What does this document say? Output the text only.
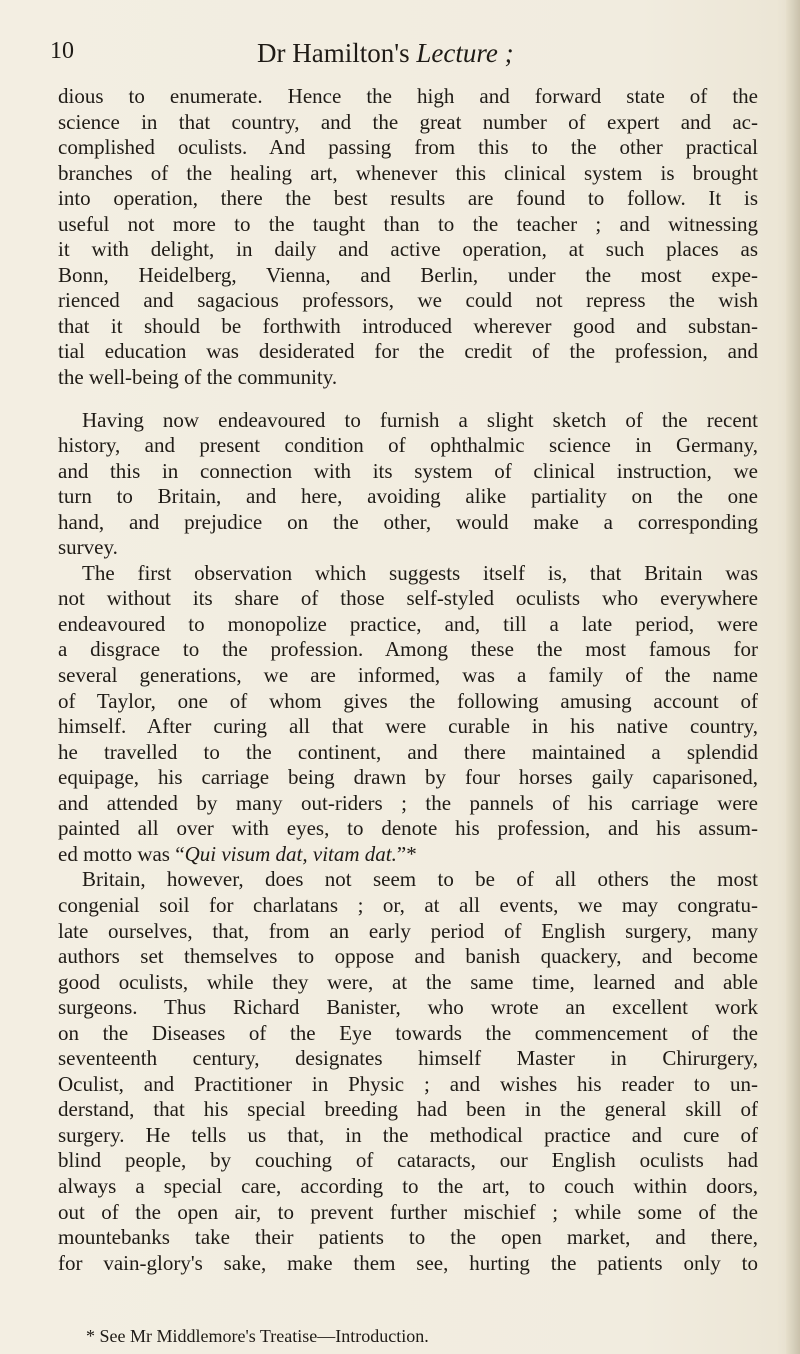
10	Dr Hamilton's Lecture ;
dious to enumerate. Hence the high and forward state of the
science in that country, and the great number of expert and ac-
complished oculists. And passing from this to the other practical
branches of the healing art, whenever this clinical system is brought
into operation, there the best results are found to follow. It is
useful not more to the taught than to the teacher ; and witnessing
it with delight, in daily and active operation, at such places as
Bonn, Heidelberg, Vienna, and Berlin, under the most expe-
rienced and sagacious professors, we could not repress the wish
that it should be forthwith introduced wherever good and substan-
tial education was desiderated for the credit of the profession, and
the well-being of the community.
Having now endeavoured to furnish a slight sketch of the recent
history, and present condition of ophthalmic science in Germany,
and this in connection with its system of clinical instruction, we
turn to Britain, and here, avoiding alike partiality on the one
hand, and prejudice on the other, would make a corresponding
survey.
The first observation which suggests itself is, that Britain was
not without its share of those self-styled oculists who everywhere
endeavoured to monopolize practice, and, till a late period, were
a disgrace to the profession. Among these the most famous for
several generations, we are informed, was a family of the name
of Taylor, one of whom gives the following amusing account of
himself. After curing all that were curable in his native country,
he travelled to the continent, and there maintained a splendid
equipage, his carriage being drawn by four horses gaily caparisoned,
and attended by many out-riders ; the pannels of his carriage were
painted all over with eyes, to denote his profession, and his assum-
ed motto was “Qui visum dat, vitam dat.”*
Britain, however, does not seem to be of all others the most
congenial soil for charlatans ; or, at all events, we may congratu-
late ourselves, that, from an early period of English surgery, many
authors set themselves to oppose and banish quackery, and become
good oculists, while they were, at the same time, learned and able
surgeons. Thus Richard Banister, who wrote an excellent work
on the Diseases of the Eye towards the commencement of the
seventeenth century, designates himself Master in Chirurgery,
Oculist, and Practitioner in Physic ; and wishes his reader to un-
derstand, that his special breeding had been in the general skill of
surgery. He tells us that, in the methodical practice and cure of
blind people, by couching of cataracts, our English oculists had
always a special care, according to the art, to couch within doors,
out of the open air, to prevent further mischief ; while some of the
mountebanks take their patients to the open market, and there,
for vain-glory's sake, make them see, hurting the patients only to
* See Mr Middlemore's Treatise—Introduction.
